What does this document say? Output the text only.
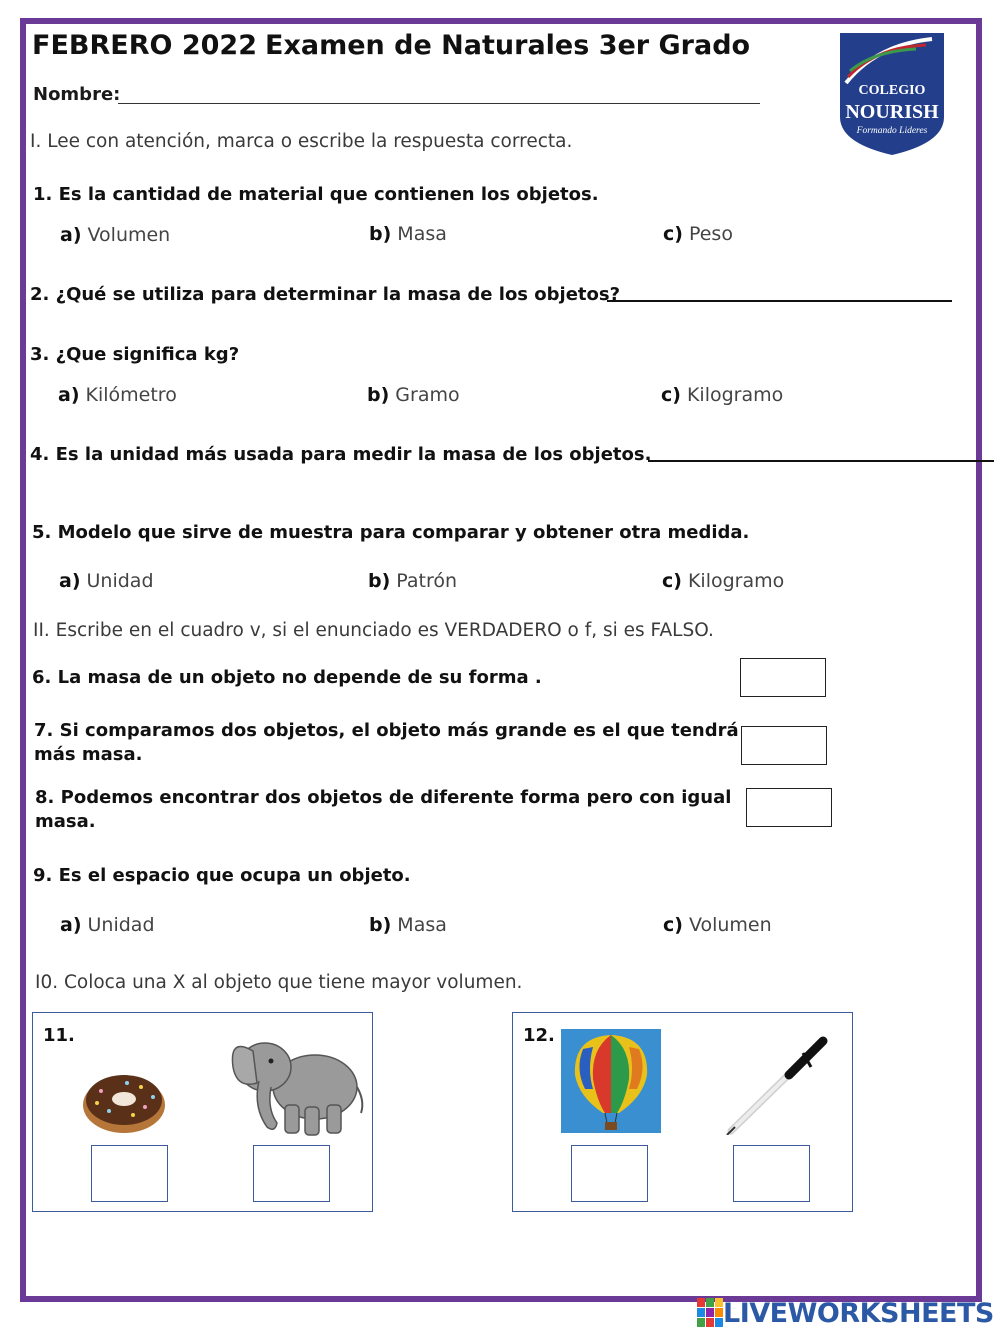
FEBRERO 2022 Examen de Naturales 3er Grado
Nombre:	COLEGIO
NOURISH
Formando Lideres
I. Lee con atención, marca o escribe la respuesta correcta.
1. Es la cantidad de material que contienen los objetos.
a) Volumen	b) Masa	c) Peso
2. ¿Qué se utiliza para determinar la masa de los objetos?
3. ¿Que significa kg?
a) Kilómetro	b) Gramo	c) Kilogramo
4. Es la unidad más usada para medir la masa de los objetos.
5. Modelo que sirve de muestra para comparar y obtener otra medida.
a) Unidad	b) Patrón	c) Kilogramo
II. Escribe en el cuadro v, si el enunciado es VERDADERO o f, si es FALSO.
6. La masa de un objeto no depende de su forma .
7. Si comparamos dos objetos, el objeto más grande es el que tendrá
más masa.
8. Podemos encontrar dos objetos de diferente forma pero con igual
masa.
9. Es el espacio que ocupa un objeto.
a) Unidad	b) Masa	c) Volumen
I0. Coloca una X al objeto que tiene mayor volumen.
11.	12.
LIVEWORKSHEETS
